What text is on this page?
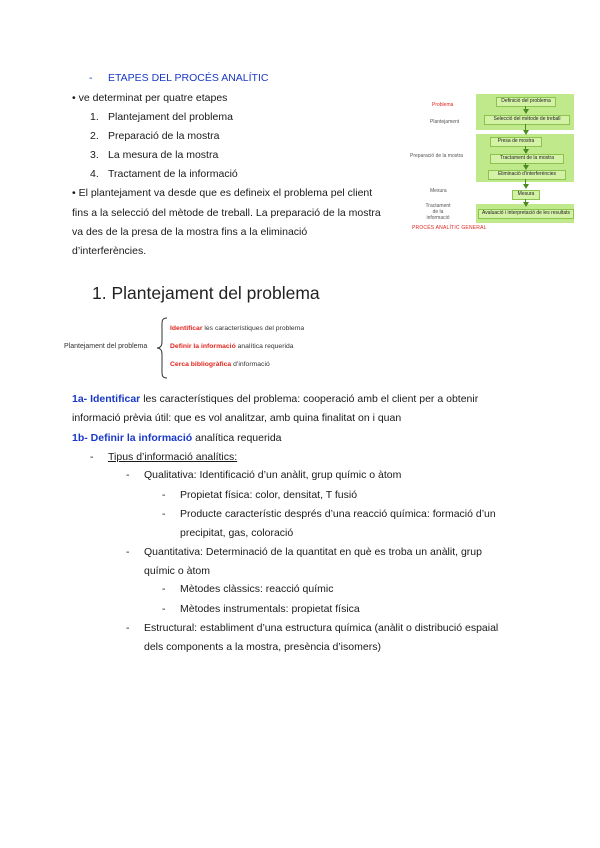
- ETAPES DEL PROCÉS ANALÍTIC
• ve determinat per quatre etapes
1. Plantejament del problema
2. Preparació de la mostra
3. La mesura de la mostra
4. Tractament de la informació
• El plantejament va desde que es defineix el problema pel client
fins a la selecció del mètode de treball. La preparació de la mostra
va des de la presa de la mostra fins a la eliminació
d’interferències.
Problema
Plantejament
Preparació de la mostra
Mesura
Tractament de la informació
Definició del problema
Selecció del mètode de treball
Presa de mostra
Tractament de la mostra
Eliminació d’interferències
Mesura
Avaluació i interpretació de les resultats
PROCÉS ANALÍTIC GENERAL
1. Plantejament del problema
Plantejament del problema
Identificar les característiques del problema
Definir la informació analítica requerida
Cerca bibliogràfica d’informació
1a- Identificar les característiques del problema: cooperació amb el client per a obtenir
informació prèvia útil: que es vol analitzar, amb quina finalitat on i quan
1b- Definir la informació analítica requerida
- Tipus d’informació analítics:
- Qualitativa: Identificació d’un anàlit, grup químic o àtom
- Propietat física: color, densitat, T fusió
- Producte característic després d’una reacció química: formació d’un
precipitat, gas, coloració
- Quantitativa: Determinació de la quantitat en què es troba un anàlit, grup
químic o àtom
- Mètodes clàssics: reacció químic
- Mètodes instrumentals: propietat física
- Estructural: establiment d’una estructura química (anàlit o distribució espaial
dels components a la mostra, presència d’isomers)
